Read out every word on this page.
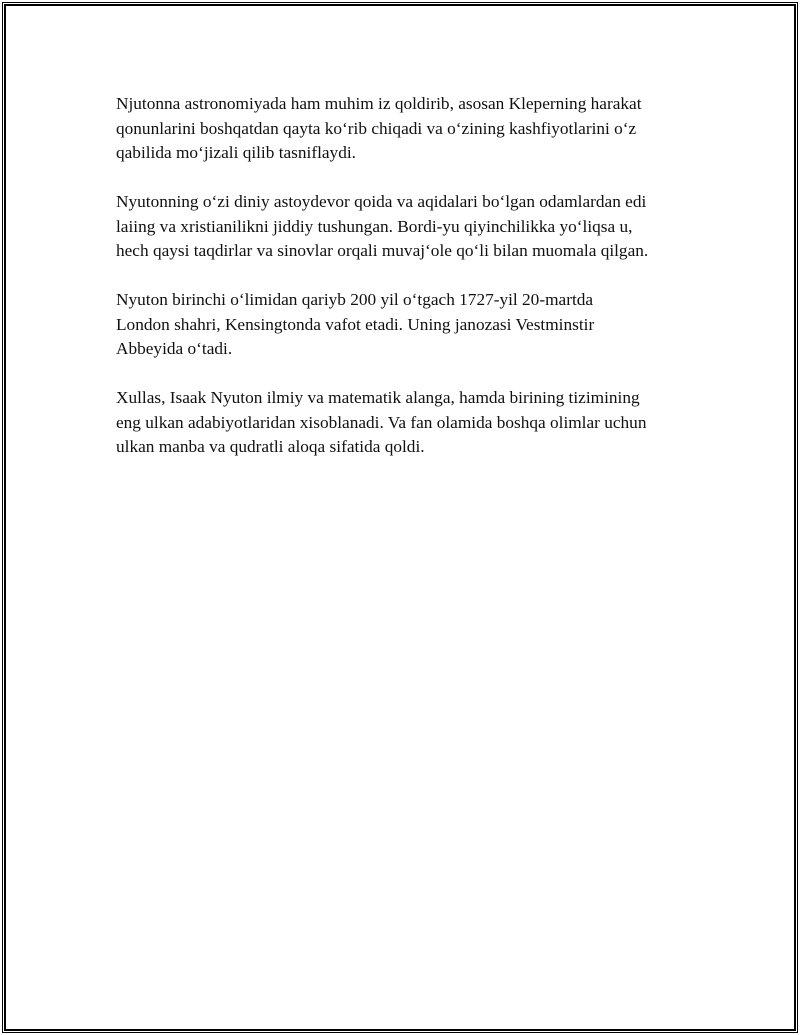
Njutonna astronomiyada ham muhim iz qoldirib, asosan Kleperning harakat
qonunlarini boshqatdan qayta ko‘rib chiqadi va o‘zining kashfiyotlarini o‘z
qabilida mo‘jizali qilib tasniflaydi.

Nyutonning o‘zi diniy astoydevor qoida va aqidalari bo‘lgan odamlardan edi
laiing va xristianilikni jiddiy tushungan. Bordi-yu qiyinchilikka yo‘liqsa u,
hech qaysi taqdirlar va sinovlar orqali muvaj‘ole qo‘li bilan muomala qilgan.

Nyuton birinchi o‘limidan qariyb 200 yil o‘tgach 1727-yil 20-martda
London shahri, Kensingtonda vafot etadi. Uning janozasi Vestminstir
Abbeyida o‘tadi.

Xullas, Isaak Nyuton ilmiy va matematik alanga, hamda birining tizimining
eng ulkan adabiyotlaridan xisoblanadi. Va fan olamida boshqa olimlar uchun
ulkan manba va qudratli aloqa sifatida qoldi.
